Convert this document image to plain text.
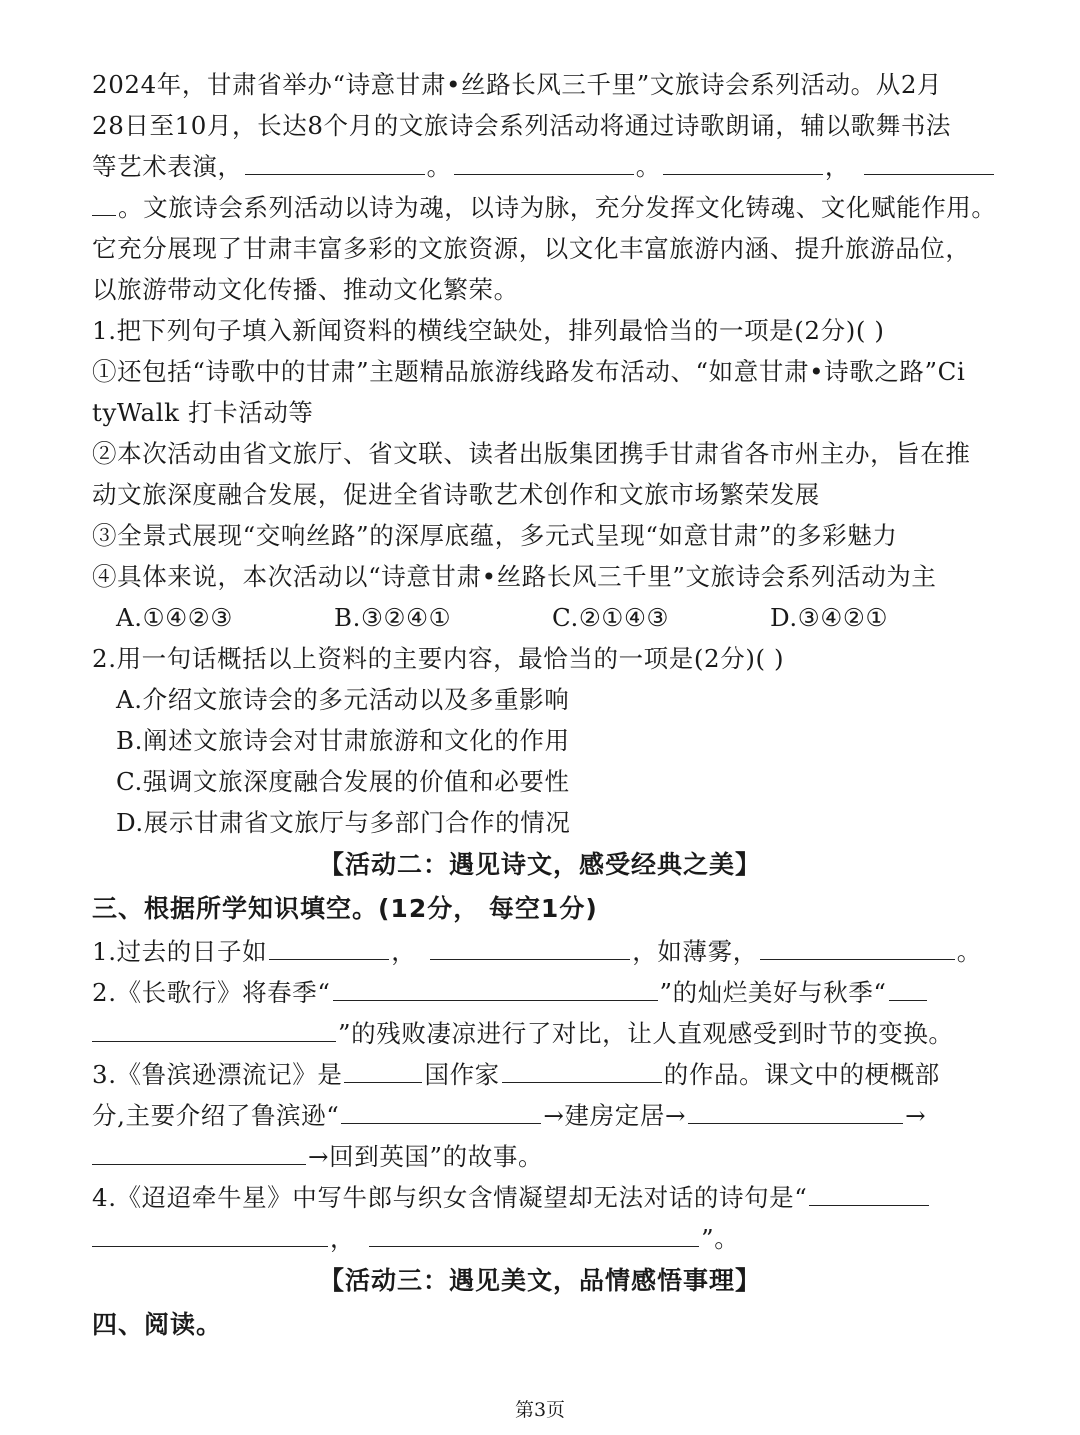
2024年，甘肃省举办“诗意甘肃•丝路长风三千里”文旅诗会系列活动。从2月
28日至10月，长达8个月的文旅诗会系列活动将通过诗歌朗诵，辅以歌舞书法
等艺术表演，	。	。	，
。文旅诗会系列活动以诗为魂，以诗为脉，充分发挥文化铸魂、文化赋能作用。
它充分展现了甘肃丰富多彩的文旅资源，以文化丰富旅游内涵、提升旅游品位，
以旅游带动文化传播、推动文化繁荣。
1.把下列句子填入新闻资料的横线空缺处，排列最恰当的一项是(2分)( )
①还包括“诗歌中的甘肃”主题精品旅游线路发布活动、“如意甘肃•诗歌之路”Ci
tyWalk 打卡活动等
②本次活动由省文旅厅、省文联、读者出版集团携手甘肃省各市州主办，旨在推
动文旅深度融合发展，促进全省诗歌艺术创作和文旅市场繁荣发展
③全景式展现“交响丝路”的深厚底蕴，多元式呈现“如意甘肃”的多彩魅力
④具体来说，本次活动以“诗意甘肃•丝路长风三千里”文旅诗会系列活动为主
A.①④②③	B.③②④①	C.②①④③	D.③④②①
2.用一句话概括以上资料的主要内容，最恰当的一项是(2分)( )
A.介绍文旅诗会的多元活动以及多重影响
B.阐述文旅诗会对甘肃旅游和文化的作用
C.强调文旅深度融合发展的价值和必要性
D.展示甘肃省文旅厅与多部门合作的情况
【活动二：遇见诗文，感受经典之美】
三、根据所学知识填空。(12分， 每空1分)
1.过去的日子如	，	，如薄雾，	。
2.《长歌行》将春季“	”的灿烂美好与秋季“
”的残败凄凉进行了对比，让人直观感受到时节的变换。
3.《鲁滨逊漂流记》是	国作家	的作品。课文中的梗概部
分,主要介绍了鲁滨逊“	→建房定居→	→
→回到英国”的故事。
4.《迢迢牵牛星》中写牛郎与织女含情凝望却无法对话的诗句是“
，	”。
【活动三：遇见美文，品情感悟事理】
四、阅读。
第3页
